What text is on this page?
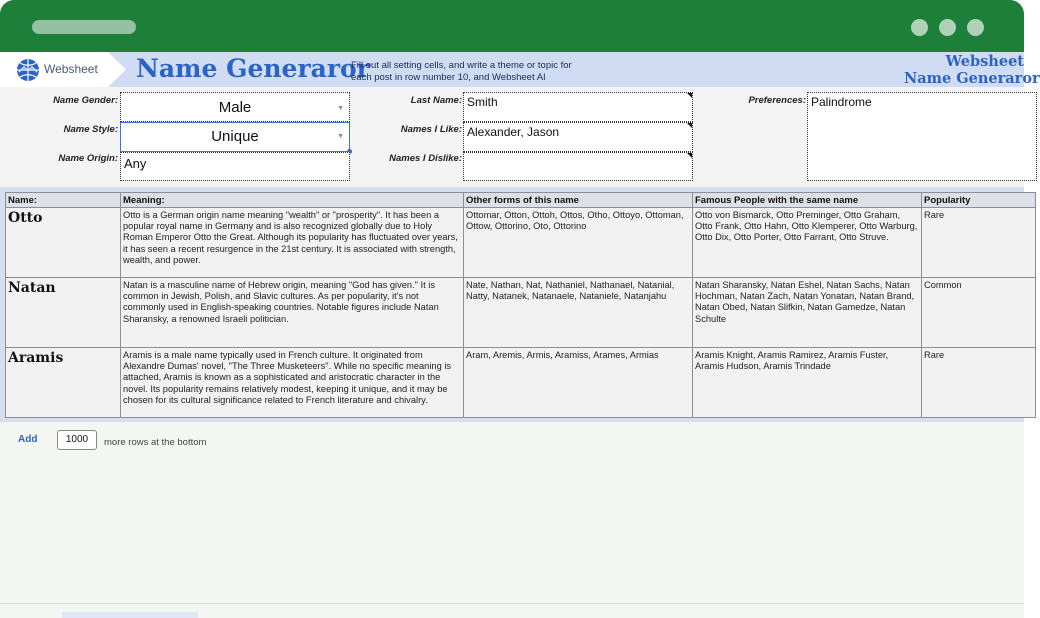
Websheet Name Generaror
Fill out all setting cells, and write a theme or topic for each post in row number 10, and Websheet AI
Websheet
Name Generaror
Name Gender:	Male	▼
Name Style:	Unique	▼
Name Origin: Any
Last Name: Smith
Names I Like: Alexander, Jason
Names I Dislike:
Preferences: Palindrome
Name:	Meaning:	Other forms of this name	Famous People with the same name	Popularity
Otto	Otto is a German origin name meaning "wealth" or "prosperity". It has been a popular royal name in Germany and is also recognized globally due to Holy Roman Emperor Otto the Great. Although its popularity has fluctuated over years, it has seen a recent resurgence in the 21st century. It is associated with strength, wealth, and power.	Ottomar, Otton, Ottoh, Ottos, Otho, Ottoyo, Ottoman, Ottow, Ottorino, Oto, Ottorino	Otto von Bismarck, Otto Preminger, Otto Graham, Otto Frank, Otto Hahn, Otto Klemperer, Otto Warburg, Otto Dix, Otto Porter, Otto Farrant, Otto Struve.	Rare
Natan	Natan is a masculine name of Hebrew origin, meaning "God has given." It is common in Jewish, Polish, and Slavic cultures. As per popularity, it's not commonly used in English-speaking countries. Notable figures include Natan Sharansky, a renowned Israeli politician.	Nate, Nathan, Nat, Nathaniel, Nathanael, Natanial, Natty, Natanek, Natanaele, Nataniele, Natanjahu	Natan Sharansky, Natan Eshel, Natan Sachs, Natan Hochman, Natan Zach, Natan Yonatan, Natan Brand, Natan Obed, Natan Slifkin, Natan Gamedze, Natan Schulte	Common
Aramis	Aramis is a male name typically used in French culture. It originated from Alexandre Dumas' novel, "The Three Musketeers". While no specific meaning is attached, Aramis is known as a sophisticated and aristocratic character in the novel. Its popularity remains relatively modest, keeping it unique, and it may be chosen for its cultural significance related to French literature and chivalry.	Aram, Aremis, Armis, Aramiss, Arames, Armias	Aramis Knight, Aramis Ramirez, Aramis Fuster, Aramis Hudson, Aramis Trindade	Rare
Add	1000	more rows at the bottom
